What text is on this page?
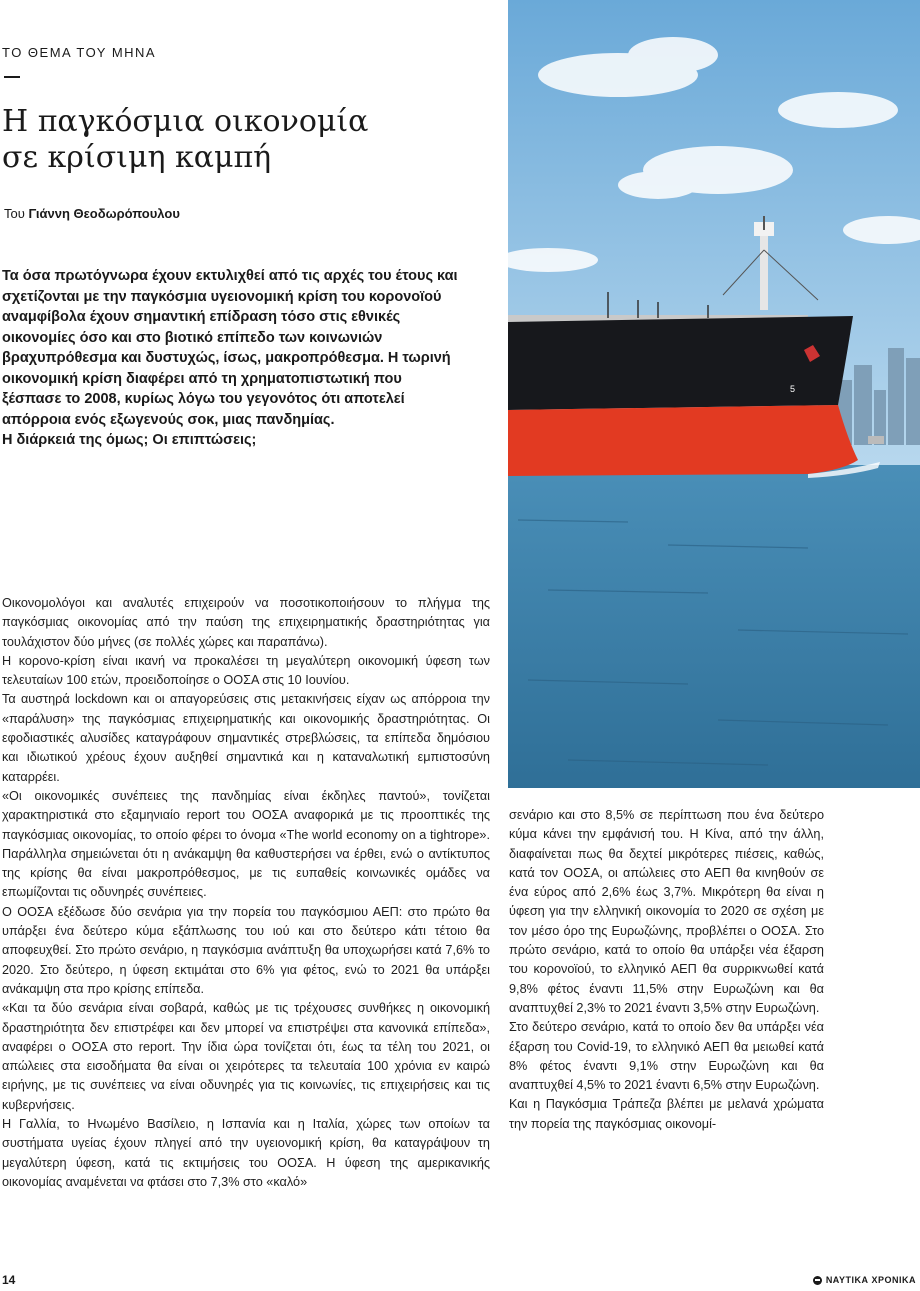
ΤΟ ΘΕΜΑ ΤΟΥ ΜΗΝΑ
Η παγκόσμια οικονομία
σε κρίσιμη καμπή
Του Γιάννη Θεοδωρόπουλου

Τα όσα πρωτόγνωρα έχουν εκτυλιχθεί από τις αρχές του έτους και σχετίζονται με την παγκόσμια υγειονομική κρίση του κορονοϊού αναμφίβολα έχουν σημαντική επίδραση τόσο στις εθνικές οικονομίες όσο και στο βιοτικό επίπεδο των κοινωνιών βραχυπρόθεσμα και δυστυχώς, ίσως, μακροπρόθεσμα. Η τωρινή οικονομική κρίση διαφέρει από τη χρηματοπιστωτική που ξέσπασε το 2008, κυρίως λόγω του γεγονότος ότι αποτελεί απόρροια ενός εξωγενούς σοκ, μιας πανδημίας.

Η διάρκειά της όμως; Οι επιπτώσεις;

5

Οικονομολόγοι και αναλυτές επιχειρούν να ποσοτικοποιήσουν το πλήγμα της παγκόσμιας οικονομίας από την παύση της επιχειρηματικής δραστηριότητας για τουλάχιστον δύο μήνες (σε πολλές χώρες και παραπάνω).

Η κορονο-κρίση είναι ικανή να προκαλέσει τη μεγαλύτερη οικονομική ύφεση των τελευταίων 100 ετών, προειδοποίησε ο ΟΟΣΑ στις 10 Ιουνίου.

Τα αυστηρά lockdown και οι απαγορεύσεις στις μετακινήσεις είχαν ως απόρροια την «παράλυση» της παγκόσμιας επιχειρηματικής και οικονομικής δραστηριότητας. Οι εφοδιαστικές αλυσίδες καταγράφουν σημαντικές στρεβλώσεις, τα επίπεδα δημόσιου και ιδιωτικού χρέους έχουν αυξηθεί σημαντικά και η καταναλωτική εμπιστοσύνη καταρρέει.

«Οι οικονομικές συνέπειες της πανδημίας είναι έκδηλες παντού», τονίζεται χαρακτηριστικά στο εξαμηνιαίο report του ΟΟΣΑ αναφορικά με τις προοπτικές της παγκόσμιας οικονομίας, το οποίο φέρει το όνομα «The world economy on a tightrope». Παράλληλα σημειώνεται ότι η ανάκαμψη θα καθυστερήσει να έρθει, ενώ ο αντίκτυπος της κρίσης θα είναι μακροπρόθεσμος, με τις ευπαθείς κοινωνικές ομάδες να επωμίζονται τις οδυνηρές συνέπειες.

Ο ΟΟΣΑ εξέδωσε δύο σενάρια για την πορεία του παγκόσμιου ΑΕΠ: στο πρώτο θα υπάρξει ένα δεύτερο κύμα εξάπλωσης του ιού και στο δεύτερο κάτι τέτοιο θα αποφευχθεί. Στο πρώτο σενάριο, η παγκόσμια ανάπτυξη θα υποχωρήσει κατά 7,6% το 2020. Στο δεύτερο, η ύφεση εκτιμάται στο 6% για φέτος, ενώ το 2021 θα υπάρξει ανάκαμψη στα προ κρίσης επίπεδα.

«Και τα δύο σενάρια είναι σοβαρά, καθώς με τις τρέχουσες συνθήκες η οικονομική δραστηριότητα δεν επιστρέφει και δεν μπορεί να επιστρέψει στα κανονικά επίπεδα», αναφέρει ο ΟΟΣΑ στο report. Την ίδια ώρα τονίζεται ότι, έως τα τέλη του 2021, οι απώλειες στα εισοδήματα θα είναι οι χειρότερες τα τελευταία 100 χρόνια εν καιρώ ειρήνης, με τις συνέπειες να είναι οδυνηρές για τις κοινωνίες, τις επιχειρήσεις και τις κυβερνήσεις.

Η Γαλλία, το Ηνωμένο Βασίλειο, η Ισπανία και η Ιταλία, χώρες των οποίων τα συστήματα υγείας έχουν πληγεί από την υγειονομική κρίση, θα καταγράψουν τη μεγαλύτερη ύφεση, κατά τις εκτιμήσεις του ΟΟΣΑ. Η ύφεση της αμερικανικής οικονομίας αναμένεται να φτάσει στο 7,3% στο «καλό»

σενάριο και στο 8,5% σε περίπτωση που ένα δεύτερο κύμα κάνει την εμφάνισή του. Η Κίνα, από την άλλη, διαφαίνεται πως θα δεχτεί μικρότερες πιέσεις, καθώς, κατά τον ΟΟΣΑ, οι απώλειες στο ΑΕΠ θα κινηθούν σε ένα εύρος από 2,6% έως 3,7%. Μικρότερη θα είναι η ύφεση για την ελληνική οικονομία το 2020 σε σχέση με τον μέσο όρο της Ευρωζώνης, προβλέπει ο ΟΟΣΑ. Στο πρώτο σενάριο, κατά το οποίο θα υπάρξει νέα έξαρση του κορονοϊού, το ελληνικό ΑΕΠ θα συρρικνωθεί κατά 9,8% φέτος έναντι 11,5% στην Ευρωζώνη και θα αναπτυχθεί 2,3% το 2021 έναντι 3,5% στην Ευρωζώνη.

Στο δεύτερο σενάριο, κατά το οποίο δεν θα υπάρξει νέα έξαρση του Covid-19, το ελληνικό ΑΕΠ θα μειωθεί κατά 8% φέτος έναντι 9,1% στην Ευρωζώνη και θα αναπτυχθεί 4,5% το 2021 έναντι 6,5% στην Ευρωζώνη.

Και η Παγκόσμια Τράπεζα βλέπει με μελανά χρώματα την πορεία της παγκόσμιας οικονομί-

14	ΝΑΥΤΙΚΑ ΧΡΟΝΙΚΑ
